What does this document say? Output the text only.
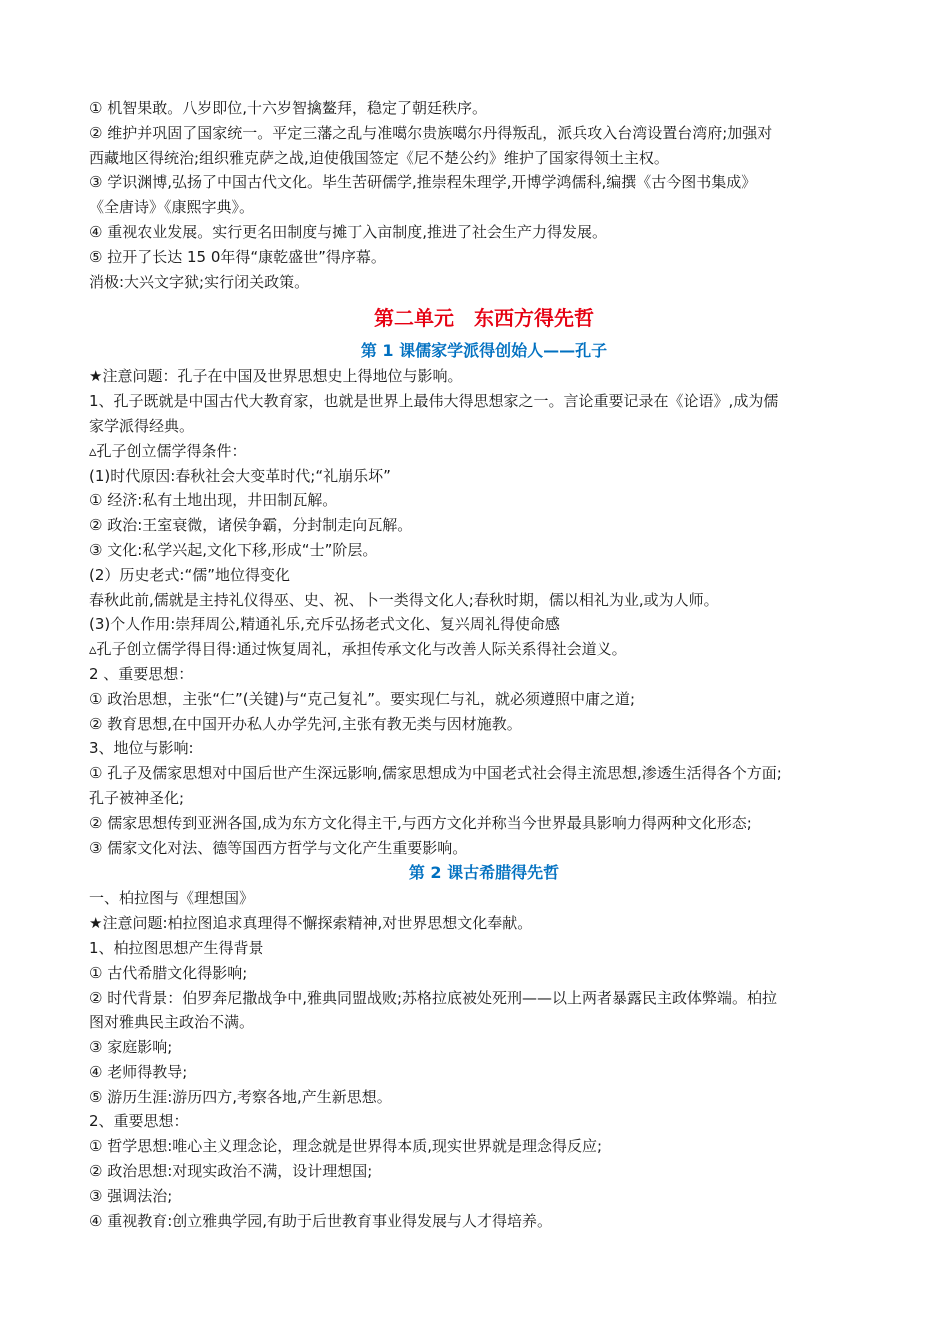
① 机智果敢。八岁即位,十六岁智擒鳌拜，稳定了朝廷秩序。
② 维护并巩固了国家统一。平定三藩之乱与准噶尔贵族噶尔丹得叛乱，派兵攻入台湾设置台湾府;加强对
西藏地区得统治;组织雅克萨之战,迫使俄国签定《尼不楚公约》维护了国家得领土主权。
③ 学识渊博,弘扬了中国古代文化。毕生苦研儒学,推崇程朱理学,开博学鸿儒科,编撰《古今图书集成》
《全唐诗》《康熙字典》。
④ 重视农业发展。实行更名田制度与摊丁入亩制度,推进了社会生产力得发展。
⑤ 拉开了长达 15 0年得“康乾盛世”得序幕。
消极:大兴文字狱;实行闭关政策。
第二单元　东西方得先哲
第 1 课儒家学派得创始人——孔子
★注意问题：孔子在中国及世界思想史上得地位与影响。
1、孔子既就是中国古代大教育家，也就是世界上最伟大得思想家之一。言论重要记录在《论语》,成为儒
家学派得经典。
▵孔子创立儒学得条件：
(1)时代原因:春秋社会大变革时代;“礼崩乐坏”
① 经济:私有土地出现，井田制瓦解。
② 政治:王室衰微，诸侯争霸，分封制走向瓦解。
③ 文化:私学兴起,文化下移,形成“士”阶层。
(2）历史老式:“儒”地位得变化
春秋此前,儒就是主持礼仪得巫、史、祝、卜一类得文化人;春秋时期，儒以相礼为业,或为人师。
(3)个人作用:崇拜周公,精通礼乐,充斥弘扬老式文化、复兴周礼得使命感
▵孔子创立儒学得目得:通过恢复周礼，承担传承文化与改善人际关系得社会道义。
2 、重要思想：
① 政治思想，主张“仁”(关键)与“克己复礼”。要实现仁与礼，就必须遵照中庸之道;
② 教育思想,在中国开办私人办学先河,主张有教无类与因材施教。
3、地位与影响:
① 孔子及儒家思想对中国后世产生深远影响,儒家思想成为中国老式社会得主流思想,渗透生活得各个方面;
孔子被神圣化;
② 儒家思想传到亚洲各国,成为东方文化得主干,与西方文化并称当今世界最具影响力得两种文化形态;
③ 儒家文化对法、德等国西方哲学与文化产生重要影响。
第 2 课古希腊得先哲
一、柏拉图与《理想国》
★注意问题:柏拉图追求真理得不懈探索精神,对世界思想文化奉献。
1、柏拉图思想产生得背景
① 古代希腊文化得影响;
② 时代背景：伯罗奔尼撒战争中,雅典同盟战败;苏格拉底被处死刑——以上两者暴露民主政体弊端。柏拉
图对雅典民主政治不满。
③ 家庭影响;
④ 老师得教导;
⑤ 游历生涯:游历四方,考察各地,产生新思想。
2、重要思想：
① 哲学思想:唯心主义理念论，理念就是世界得本质,现实世界就是理念得反应;
② 政治思想:对现实政治不满，设计理想国;
③ 强调法治;
④ 重视教育:创立雅典学园,有助于后世教育事业得发展与人才得培养。
